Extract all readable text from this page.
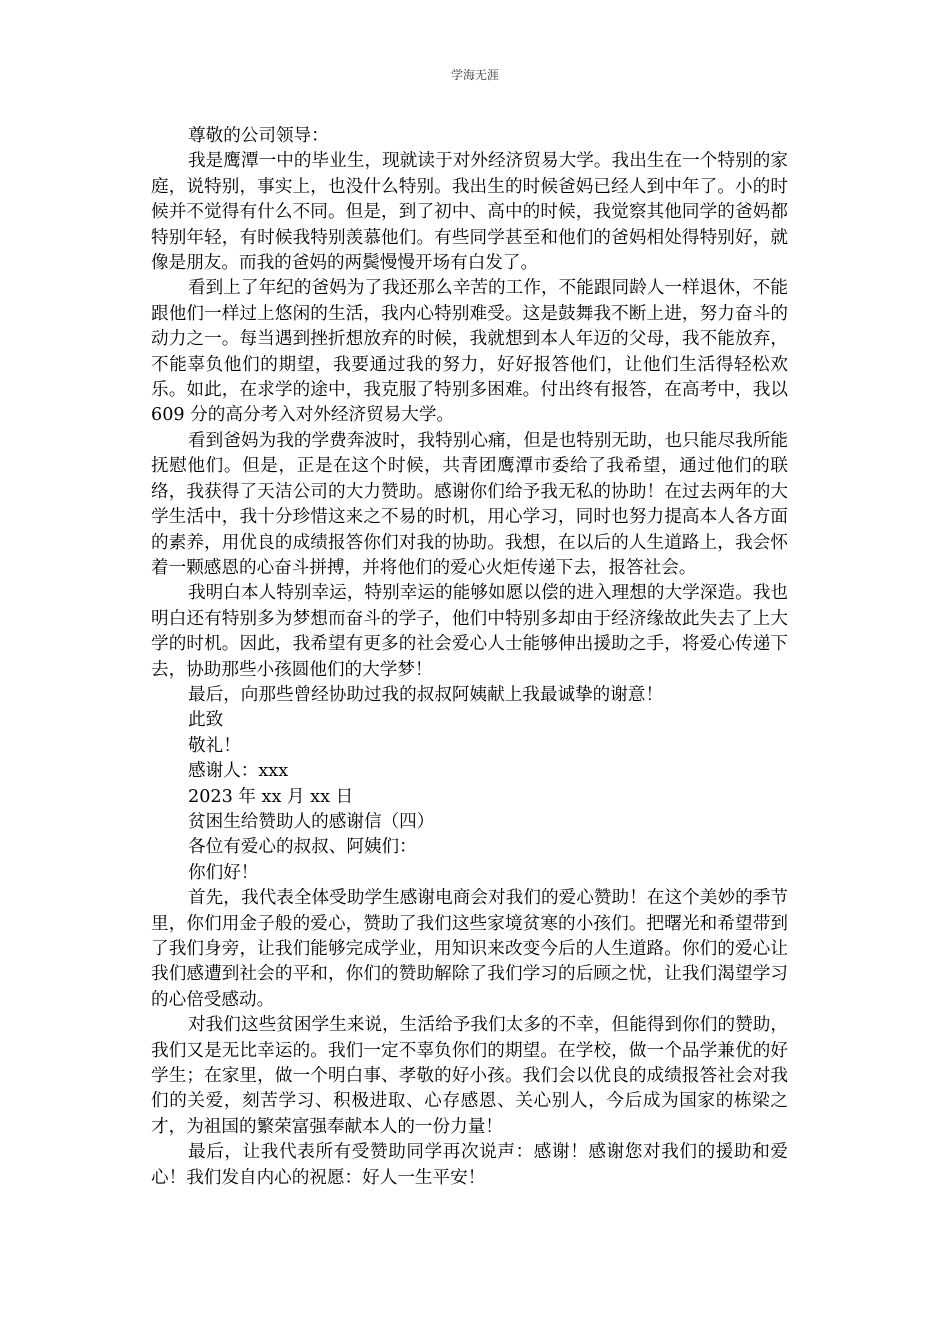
学海无涯

尊敬的公司领导：

我是鹰潭一中的毕业生，现就读于对外经济贸易大学。我出生在一个特别的家庭，说特别，事实上，也没什么特别。我出生的时候爸妈已经人到中年了。小的时候并不觉得有什么不同。但是，到了初中、高中的时候，我觉察其他同学的爸妈都特别年轻，有时候我特别羡慕他们。有些同学甚至和他们的爸妈相处得特别好，就像是朋友。而我的爸妈的两鬓慢慢开场有白发了。

看到上了年纪的爸妈为了我还那么辛苦的工作，不能跟同龄人一样退休，不能跟他们一样过上悠闲的生活，我内心特别难受。这是鼓舞我不断上进，努力奋斗的动力之一。每当遇到挫折想放弃的时候，我就想到本人年迈的父母，我不能放弃，不能辜负他们的期望，我要通过我的努力，好好报答他们，让他们生活得轻松欢乐。如此，在求学的途中，我克服了特别多困难。付出终有报答，在高考中，我以 609 分的高分考入对外经济贸易大学。

看到爸妈为我的学费奔波时，我特别心痛，但是也特别无助，也只能尽我所能抚慰他们。但是，正是在这个时候，共青团鹰潭市委给了我希望，通过他们的联络，我获得了天洁公司的大力赞助。感谢你们给予我无私的协助！在过去两年的大学生活中，我十分珍惜这来之不易的时机，用心学习，同时也努力提高本人各方面的素养，用优良的成绩报答你们对我的协助。我想，在以后的人生道路上，我会怀着一颗感恩的心奋斗拼搏，并将他们的爱心火炬传递下去，报答社会。

我明白本人特别幸运，特别幸运的能够如愿以偿的进入理想的大学深造。我也明白还有特别多为梦想而奋斗的学子，他们中特别多却由于经济缘故此失去了上大学的时机。因此，我希望有更多的社会爱心人士能够伸出援助之手，将爱心传递下去，协助那些小孩圆他们的大学梦！

最后，向那些曾经协助过我的叔叔阿姨献上我最诚挚的谢意！

此致

敬礼！

感谢人：xxx

2023 年 xx 月 xx 日

贫困生给赞助人的感谢信（四）

各位有爱心的叔叔、阿姨们：

你们好！

首先，我代表全体受助学生感谢电商会对我们的爱心赞助！在这个美妙的季节里，你们用金子般的爱心，赞助了我们这些家境贫寒的小孩们。把曙光和希望带到了我们身旁，让我们能够完成学业，用知识来改变今后的人生道路。你们的爱心让我们感遭到社会的平和，你们的赞助解除了我们学习的后顾之忧，让我们渴望学习的心倍受感动。

对我们这些贫困学生来说，生活给予我们太多的不幸，但能得到你们的赞助，我们又是无比幸运的。我们一定不辜负你们的期望。在学校，做一个品学兼优的好学生；在家里，做一个明白事、孝敬的好小孩。我们会以优良的成绩报答社会对我们的关爱，刻苦学习、积极进取、心存感恩、关心别人，今后成为国家的栋梁之才，为祖国的繁荣富强奉献本人的一份力量！

最后，让我代表所有受赞助同学再次说声：感谢！感谢您对我们的援助和爱心！我们发自内心的祝愿：好人一生平安！
